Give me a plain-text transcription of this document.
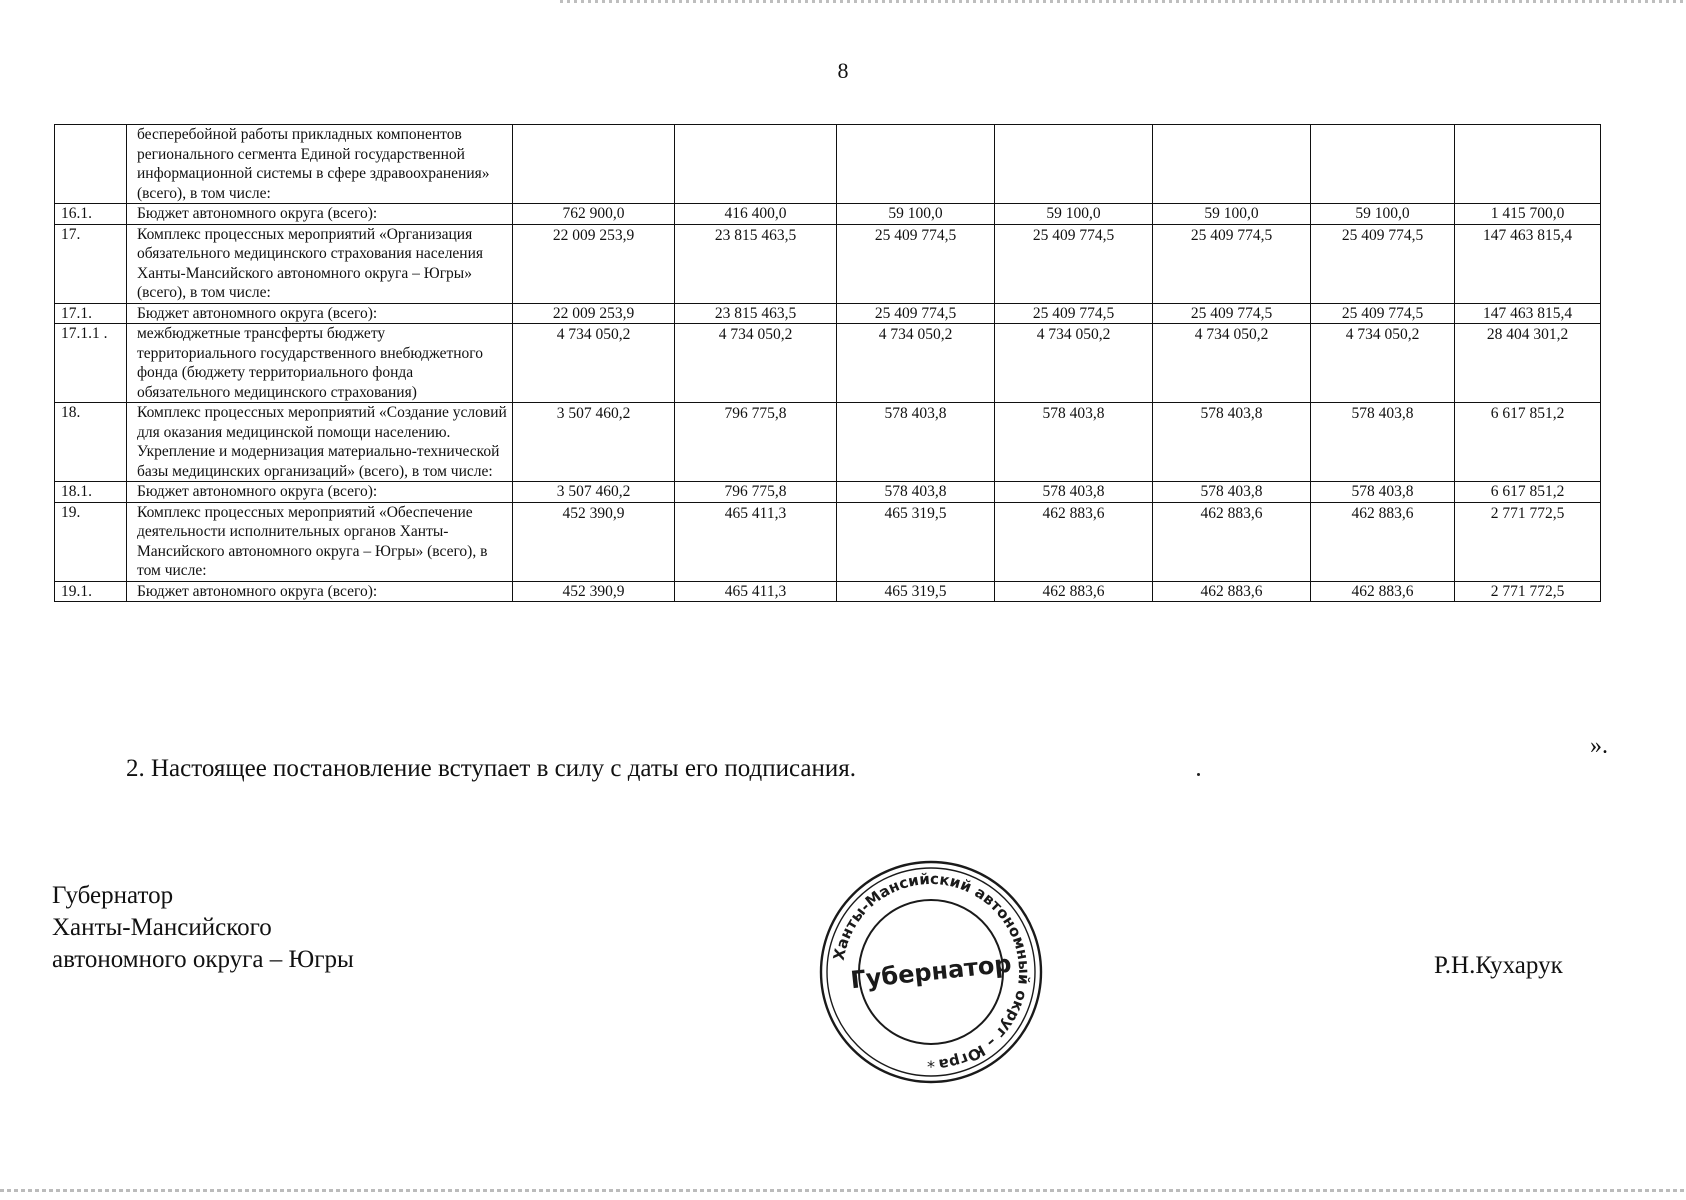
8
	бесперебойной работы прикладных компонентов регионального сегмента Единой государственной информационной системы в сфере здравоохранения» (всего), в том числе:							
16.1.	Бюджет автономного округа (всего):	762 900,0	416 400,0	59 100,0	59 100,0	59 100,0	59 100,0	1 415 700,0
17.	Комплекс процессных мероприятий «Организация обязательного медицинского страхования населения Ханты-Мансийского автономного округа – Югры» (всего), в том числе:	22 009 253,9	23 815 463,5	25 409 774,5	25 409 774,5	25 409 774,5	25 409 774,5	147 463 815,4
17.1.	Бюджет автономного округа (всего):	22 009 253,9	23 815 463,5	25 409 774,5	25 409 774,5	25 409 774,5	25 409 774,5	147 463 815,4
17.1.1 .	межбюджетные трансферты бюджету территориального государственного внебюджетного фонда (бюджету территориального фонда обязательного медицинского страхования)	4 734 050,2	4 734 050,2	4 734 050,2	4 734 050,2	4 734 050,2	4 734 050,2	28 404 301,2
18.	Комплекс процессных мероприятий «Создание условий для оказания медицинской помощи населению. Укрепление и модернизация материально-технической базы медицинских организаций» (всего), в том числе:	3 507 460,2	796 775,8	578 403,8	578 403,8	578 403,8	578 403,8	6 617 851,2
18.1.	Бюджет автономного округа (всего):	3 507 460,2	796 775,8	578 403,8	578 403,8	578 403,8	578 403,8	6 617 851,2
19.	Комплекс процессных мероприятий «Обеспечение деятельности исполнительных органов Ханты-Мансийского автономного округа – Югры» (всего), в том числе:	452 390,9	465 411,3	465 319,5	462 883,6	462 883,6	462 883,6	2 771 772,5
19.1.	Бюджет автономного округа (всего):	452 390,9	465 411,3	465 319,5	462 883,6	462 883,6	462 883,6	2 771 772,5
».
2. Настоящее постановление вступает в силу с даты его подписания.
Губернатор
Ханты-Мансийского
автономного округа – Югры	Р.Н.Кухарук
Ханты-Мансийский автономный округ – Югра
Губернатор
*
